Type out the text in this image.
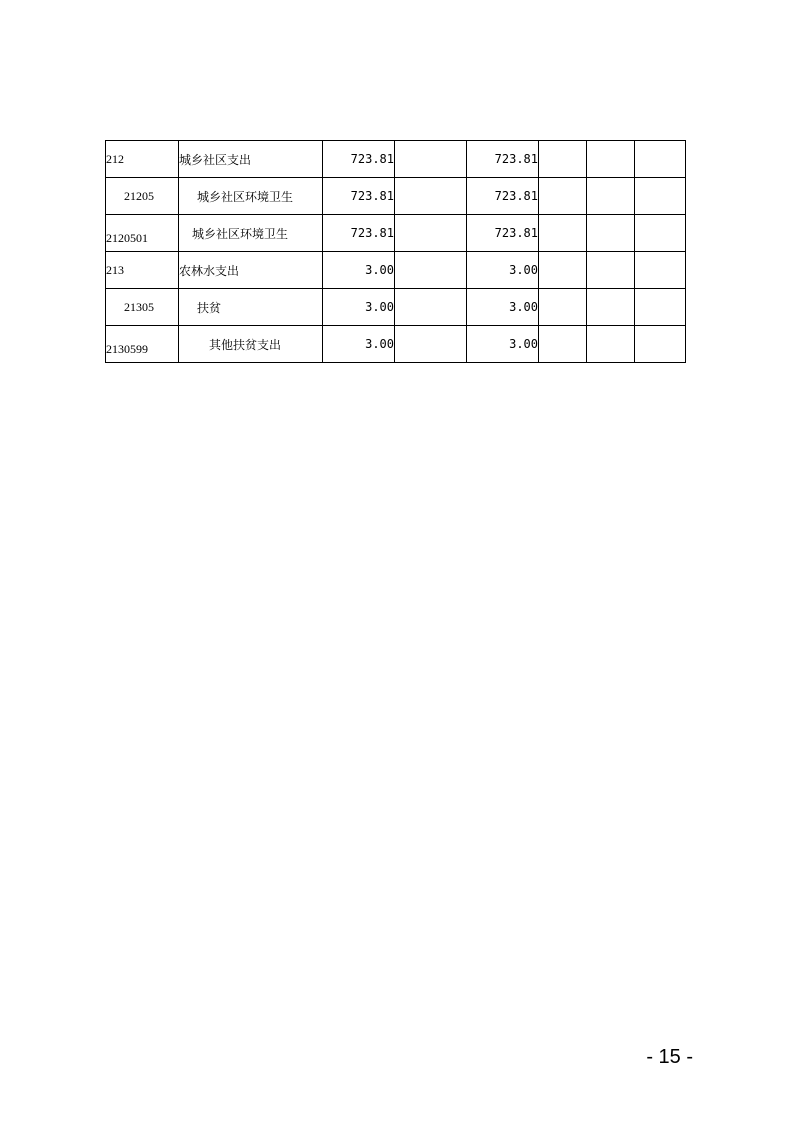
212	城乡社区支出	723.81		723.81			
21205	城乡社区环境卫生	723.81		723.81			
2120501	城乡社区环境卫生	723.81		723.81			
213	农林水支出	3.00		3.00			
21305	扶贫	3.00		3.00			
2130599	其他扶贫支出	3.00		3.00			
- 15 -
